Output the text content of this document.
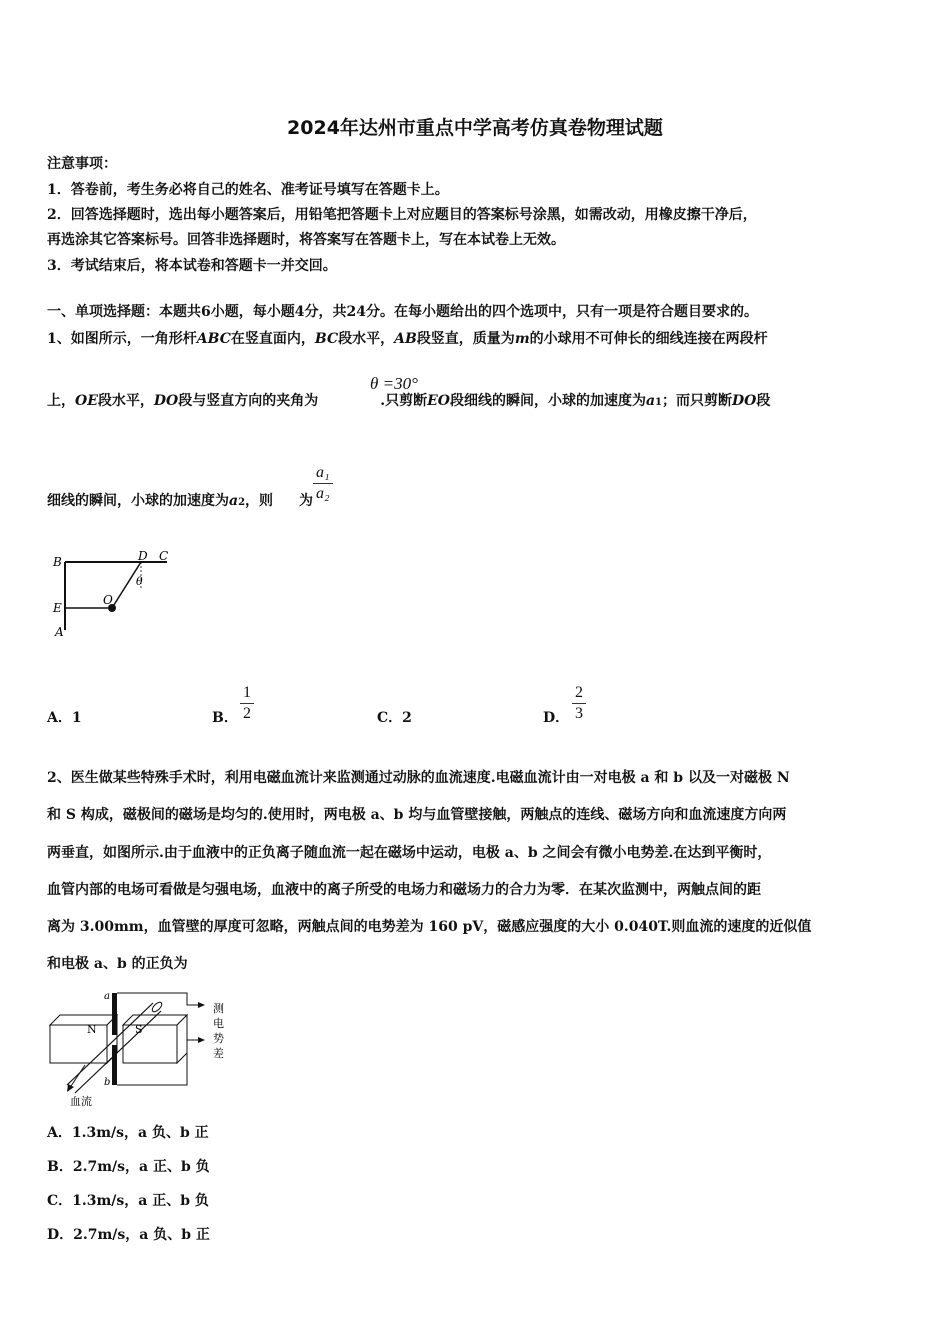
2024年达州市重点中学高考仿真卷物理试题
注意事项：
1．答卷前，考生务必将自己的姓名、准考证号填写在答题卡上。
2．回答选择题时，选出每小题答案后，用铅笔把答题卡上对应题目的答案标号涂黑，如需改动，用橡皮擦干净后，
再选涂其它答案标号。回答非选择题时，将答案写在答题卡上，写在本试卷上无效。
3．考试结束后，将本试卷和答题卡一并交回。
一、单项选择题：本题共6小题，每小题4分，共24分。在每小题给出的四个选项中，只有一项是符合题目要求的。
1、如图所示，一角形杆ABC在竖直面内，BC段水平，AB段竖直，质量为m的小球用不可伸长的细线连接在两段杆
θ =30°
上，OE段水平，DO段与竖直方向的夹角为	.只剪断EO段细线的瞬间，小球的加速度为a1；而只剪断DO段
细线的瞬间，小球的加速度为a2，则 为 $\frac{\text{a₁}}{\text{a₂}}$
B	D C
θ
E
O
A
A．1	B． $\frac{1}{2}$	C．2	D． $\frac{2}{3}$
2、医生做某些特殊手术时，利用电磁血流计来监测通过动脉的血流速度.电磁血流计由一对电极 a 和 b 以及一对磁极 N
和 S 构成，磁极间的磁场是均匀的.使用时，两电极 a、b 均与血管壁接触，两触点的连线、磁场方向和血流速度方向两
两垂直，如图所示.由于血液中的正负离子随血流一起在磁场中运动，电极 a、b 之间会有微小电势差.在达到平衡时，
血管内部的电场可看做是匀强电场，血液中的离子所受的电场力和磁场力的合力为零．在某次监测中，两触点间的距
离为 3.00mm，血管壁的厚度可忽略，两触点间的电势差为 160 pV，磁感应强度的大小 0.040T.则血流的速度的近似值
和电极 a、b 的正负为
a
b
N	S
测
电
势
差
血流
A．1.3m/s，a 负、b 正
B．2.7m/s，a 正、b 负
C．1.3m/s，a 正、b 负
D．2.7m/s，a 负、b 正
